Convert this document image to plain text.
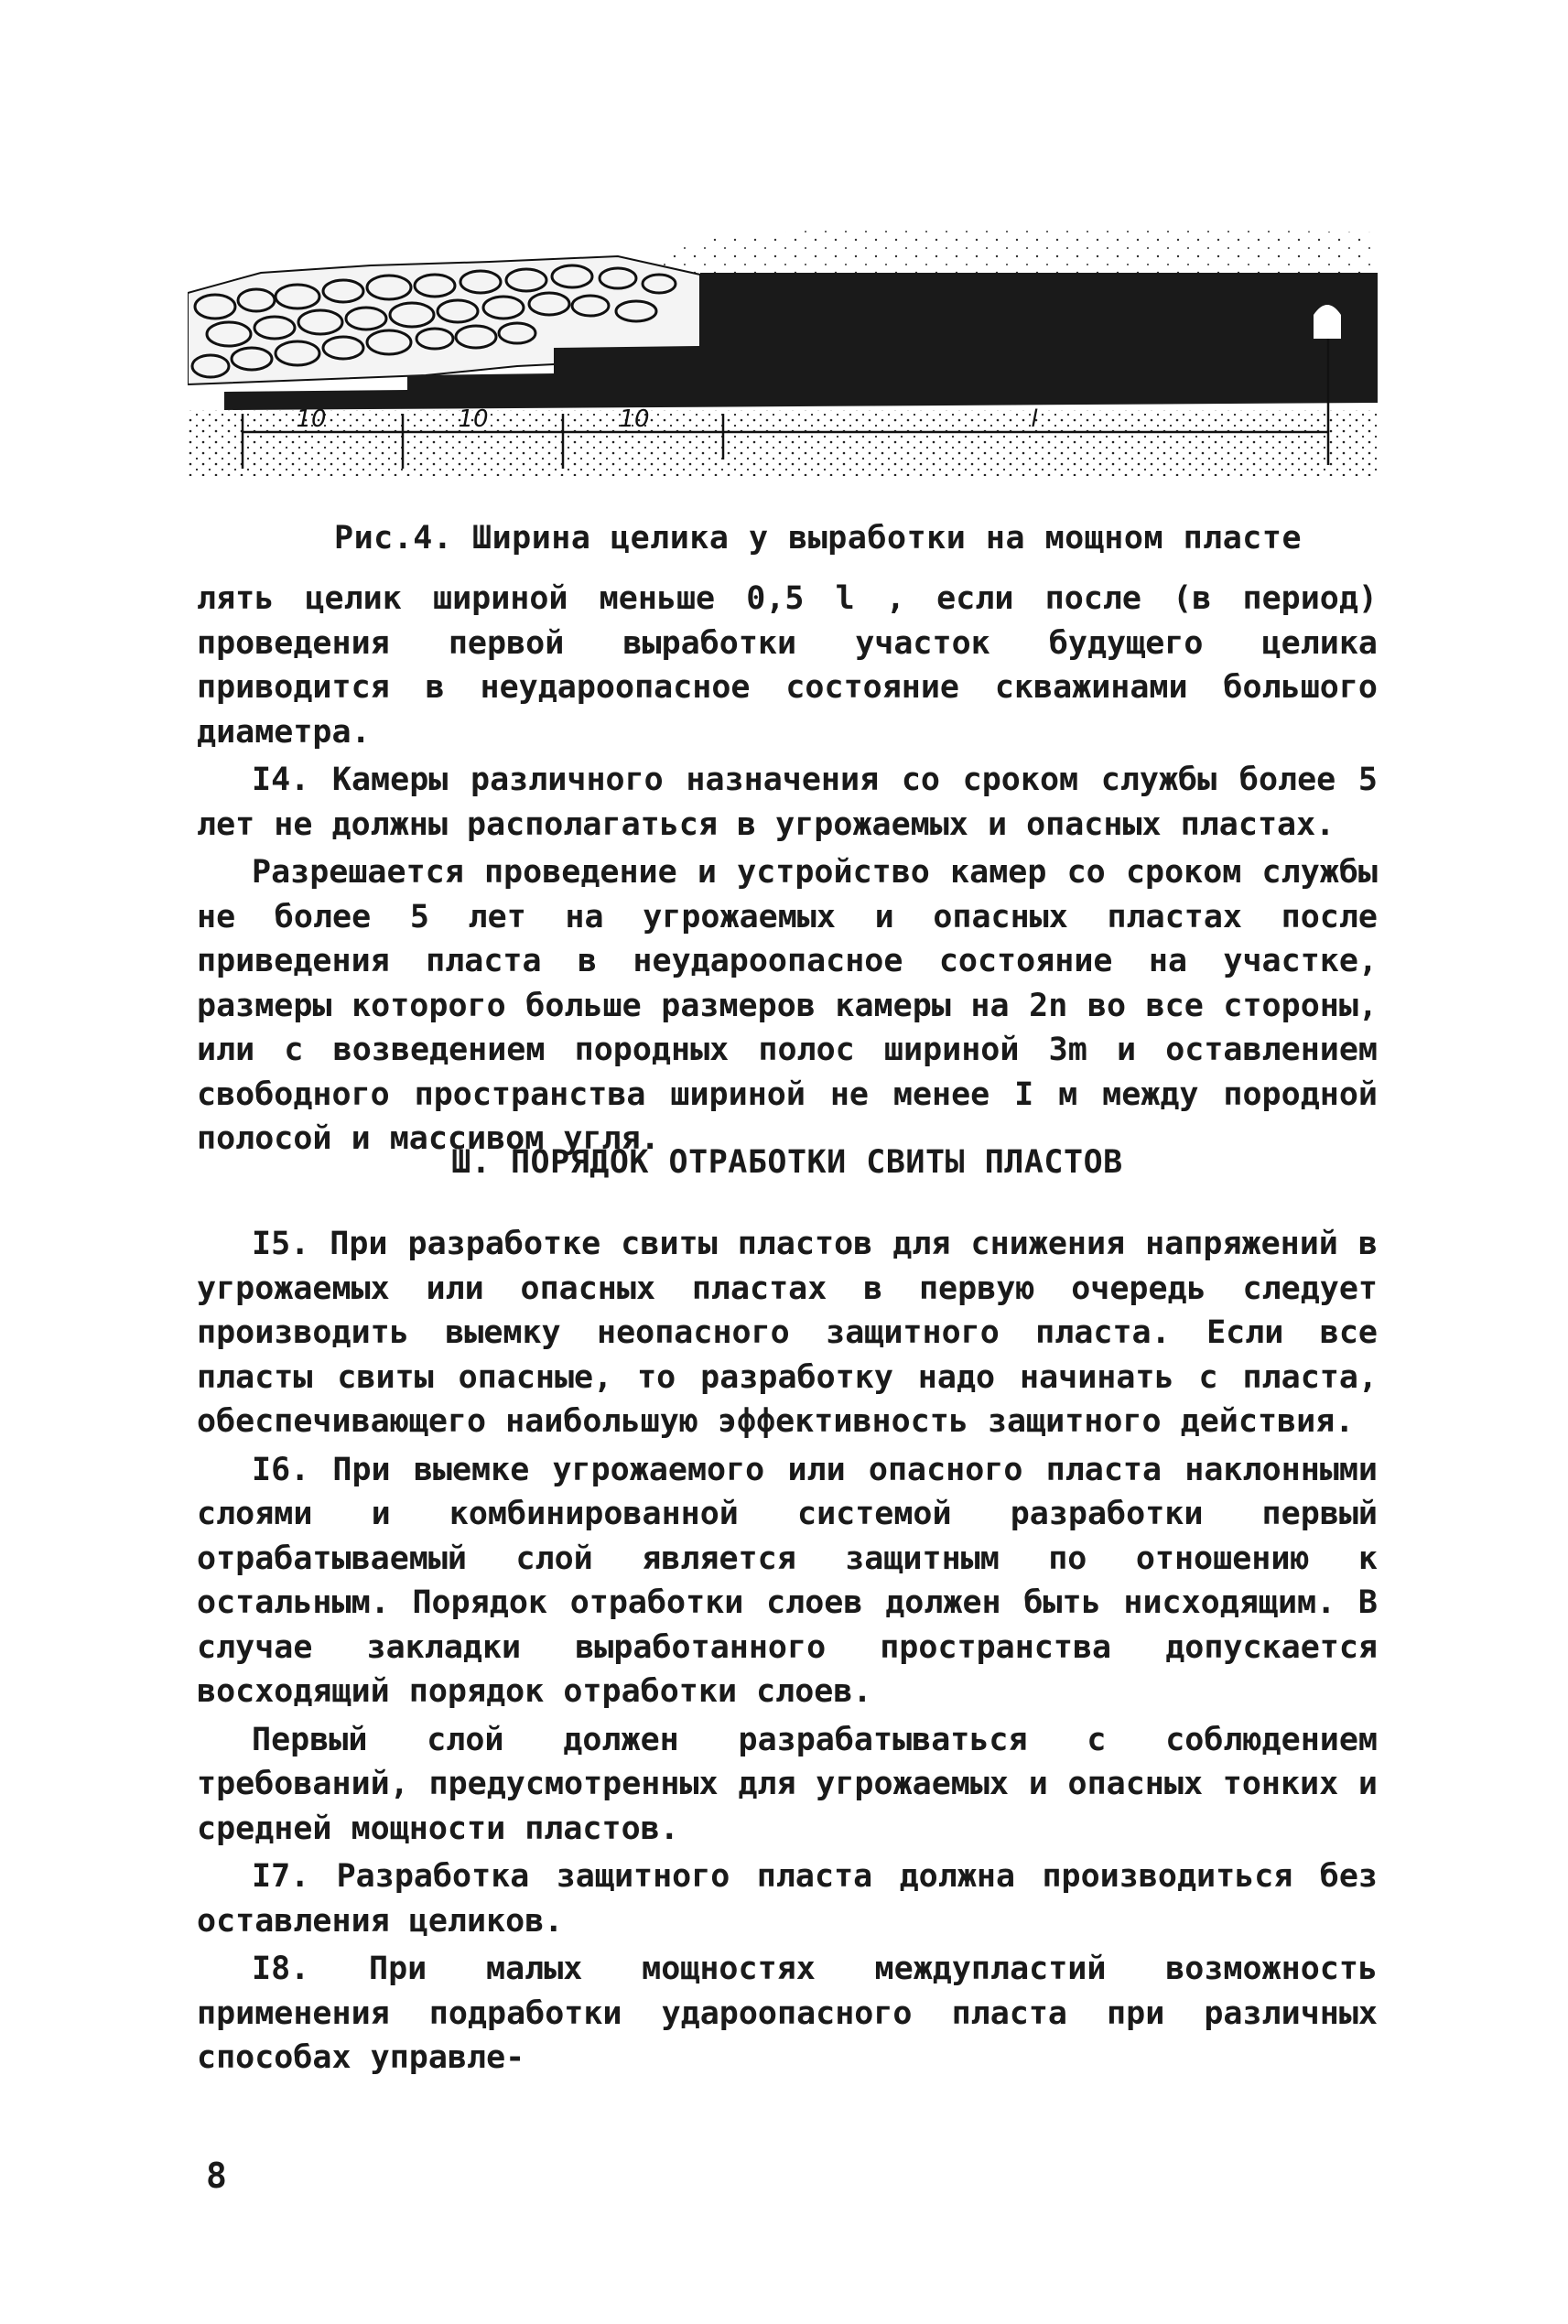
10	10	10	l
Рис.4. Ширина целика у выработки на мощном пласте

лять целик шириной меньше 0,5 l , если после (в период) проведения первой выработки участок будущего целика приводится в неудароопасное состояние скважинами большого диаметра.

I4. Камеры различного назначения со сроком службы более 5 лет не должны располагаться в угрожаемых и опасных пластах.

Разрешается проведение и устройство камер со сроком службы не более 5 лет на угрожаемых и опасных пластах после приведения пласта в неудароопасное состояние на участке, размеры которого больше размеров камеры на 2n во все стороны, или с возведением породных полос шириной 3m и оставлением свободного пространства шириной не менее I м между породной полосой и массивом угля.

Ш. ПОРЯДОК ОТРАБОТКИ СВИТЫ ПЛАСТОВ

I5. При разработке свиты пластов для снижения напряжений в угрожаемых или опасных пластах в первую очередь следует производить выемку неопасного защитного пласта. Если все пласты свиты опасные, то разработку надо начинать с пласта, обеспечивающего наибольшую эффективность защитного действия.

I6. При выемке угрожаемого или опасного пласта наклонными слоями и комбинированной системой разработки первый отрабатываемый слой является защитным по отношению к остальным. Порядок отработки слоев должен быть нисходящим. В случае закладки выработанного пространства допускается восходящий порядок отработки слоев.

Первый слой должен разрабатываться с соблюдением требований, предусмотренных для угрожаемых и опасных тонких и средней мощности пластов.

I7. Разработка защитного пласта должна производиться без оставления целиков.

I8. При малых мощностях междупластий возможность применения подработки удароопасного пласта при различных способах управле-

8
